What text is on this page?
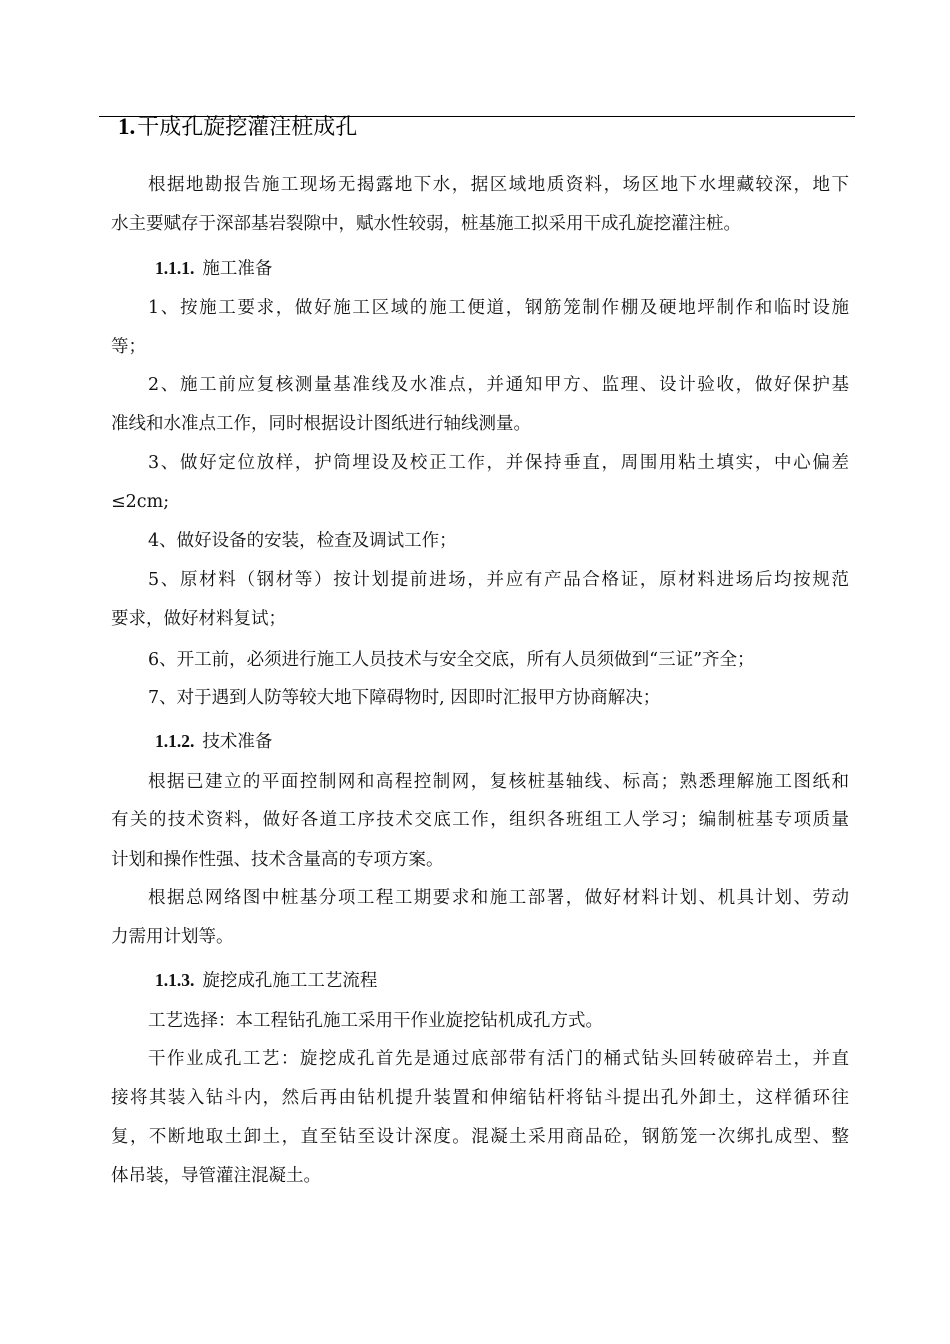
1.干成孔旋挖灌注桩成孔
根据地勘报告施工现场无揭露地下水，据区域地质资料，场区地下水埋藏较深，地下
水主要赋存于深部基岩裂隙中，赋水性较弱，桩基施工拟采用干成孔旋挖灌注桩。
1.1.1. 施工准备
1、按施工要求，做好施工区域的施工便道，钢筋笼制作棚及硬地坪制作和临时设施
等；
2、施工前应复核测量基准线及水准点，并通知甲方、监理、设计验收，做好保护基
准线和水准点工作，同时根据设计图纸进行轴线测量。
3、做好定位放样，护筒埋设及校正工作，并保持垂直，周围用粘土填实，中心偏差
≤2cm;
4、做好设备的安装，检查及调试工作；
5、原材料（钢材等）按计划提前进场，并应有产品合格证，原材料进场后均按规范
要求，做好材料复试；
6、开工前，必须进行施工人员技术与安全交底，所有人员须做到“三证”齐全；
7、对于遇到人防等较大地下障碍物时, 因即时汇报甲方协商解决；
1.1.2. 技术准备
根据已建立的平面控制网和高程控制网，复核桩基轴线、标高；熟悉理解施工图纸和
有关的技术资料，做好各道工序技术交底工作，组织各班组工人学习；编制桩基专项质量
计划和操作性强、技术含量高的专项方案。
根据总网络图中桩基分项工程工期要求和施工部署，做好材料计划、机具计划、劳动
力需用计划等。
1.1.3. 旋挖成孔施工工艺流程
工艺选择：本工程钻孔施工采用干作业旋挖钻机成孔方式。
干作业成孔工艺：旋挖成孔首先是通过底部带有活门的桶式钻头回转破碎岩土，并直
接将其装入钻斗内，然后再由钻机提升装置和伸缩钻杆将钻斗提出孔外卸土，这样循环往
复，不断地取土卸土，直至钻至设计深度。混凝土采用商品砼，钢筋笼一次绑扎成型、整
体吊装，导管灌注混凝土。
